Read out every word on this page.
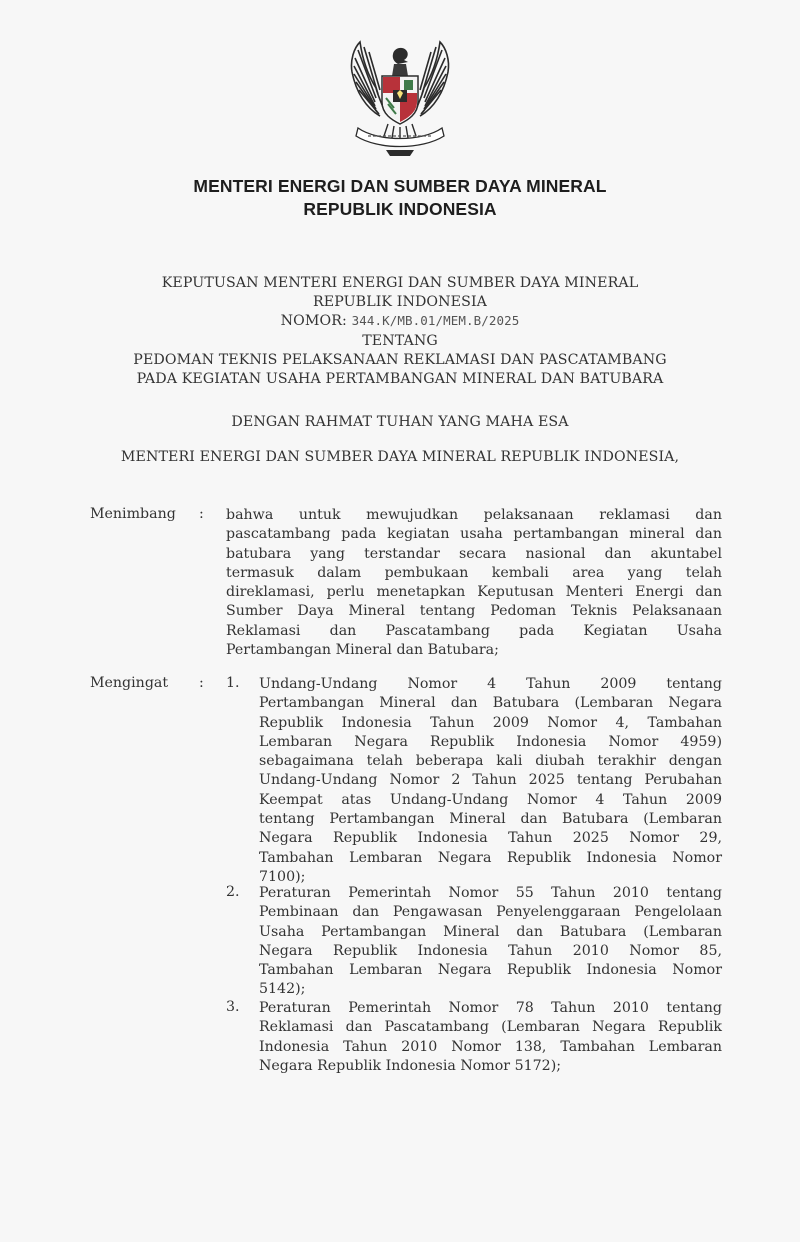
MENTERI ENERGI DAN SUMBER DAYA MINERAL
REPUBLIK INDONESIA
KEPUTUSAN MENTERI ENERGI DAN SUMBER DAYA MINERAL
REPUBLIK INDONESIA
NOMOR: 344.K/MB.01/MEM.B/2025
TENTANG
PEDOMAN TEKNIS PELAKSANAAN REKLAMASI DAN PASCATAMBANG
PADA KEGIATAN USAHA PERTAMBANGAN MINERAL DAN BATUBARA
DENGAN RAHMAT TUHAN YANG MAHA ESA
MENTERI ENERGI DAN SUMBER DAYA MINERAL REPUBLIK INDONESIA,
Menimbang : bahwa untuk mewujudkan pelaksanaan reklamasi dan
pascatambang pada kegiatan usaha pertambangan mineral dan
batubara yang terstandar secara nasional dan akuntabel
termasuk dalam pembukaan kembali area yang telah
direklamasi, perlu menetapkan Keputusan Menteri Energi dan
Sumber Daya Mineral tentang Pedoman Teknis Pelaksanaan
Reklamasi dan Pascatambang pada Kegiatan Usaha
Pertambangan Mineral dan Batubara;
Mengingat : 1. Undang-Undang Nomor 4 Tahun 2009 tentang
Pertambangan Mineral dan Batubara (Lembaran Negara
Republik Indonesia Tahun 2009 Nomor 4, Tambahan
Lembaran Negara Republik Indonesia Nomor 4959)
sebagaimana telah beberapa kali diubah terakhir dengan
Undang-Undang Nomor 2 Tahun 2025 tentang Perubahan
Keempat atas Undang-Undang Nomor 4 Tahun 2009
tentang Pertambangan Mineral dan Batubara (Lembaran
Negara Republik Indonesia Tahun 2025 Nomor 29,
Tambahan Lembaran Negara Republik Indonesia Nomor
7100);
2. Peraturan Pemerintah Nomor 55 Tahun 2010 tentang
Pembinaan dan Pengawasan Penyelenggaraan Pengelolaan
Usaha Pertambangan Mineral dan Batubara (Lembaran
Negara Republik Indonesia Tahun 2010 Nomor 85,
Tambahan Lembaran Negara Republik Indonesia Nomor
5142);
3. Peraturan Pemerintah Nomor 78 Tahun 2010 tentang
Reklamasi dan Pascatambang (Lembaran Negara Republik
Indonesia Tahun 2010 Nomor 138, Tambahan Lembaran
Negara Republik Indonesia Nomor 5172);
